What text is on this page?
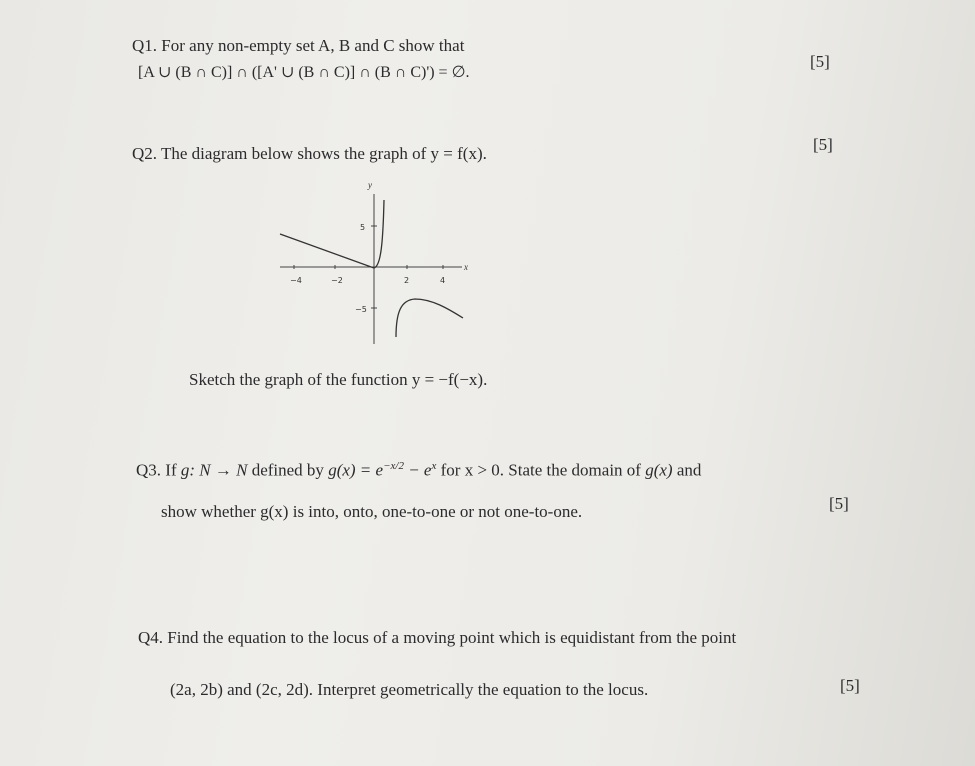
Q1. For any non-empty set A, B and C show that
[A ∪ (B ∩ C)] ∩ ([A' ∪ (B ∩ C)] ∩ (B ∩ C)') = ∅.
[5]
Q2. The diagram below shows the graph of y = f(x).	[5]
y
x
−4	−2	2	4
5
−5
Sketch the graph of the function y = −f(−x).
Q3. If g: N → N defined by $g(x) = e^{-x/2} - e^x$ for x > 0. State the domain of g(x) and
show whether g(x) is into, onto, one-to-one or not one-to-one.	[5]
Q4. Find the equation to the locus of a moving point which is equidistant from the point
(2a, 2b) and (2c, 2d). Interpret geometrically the equation to the locus.	[5]
